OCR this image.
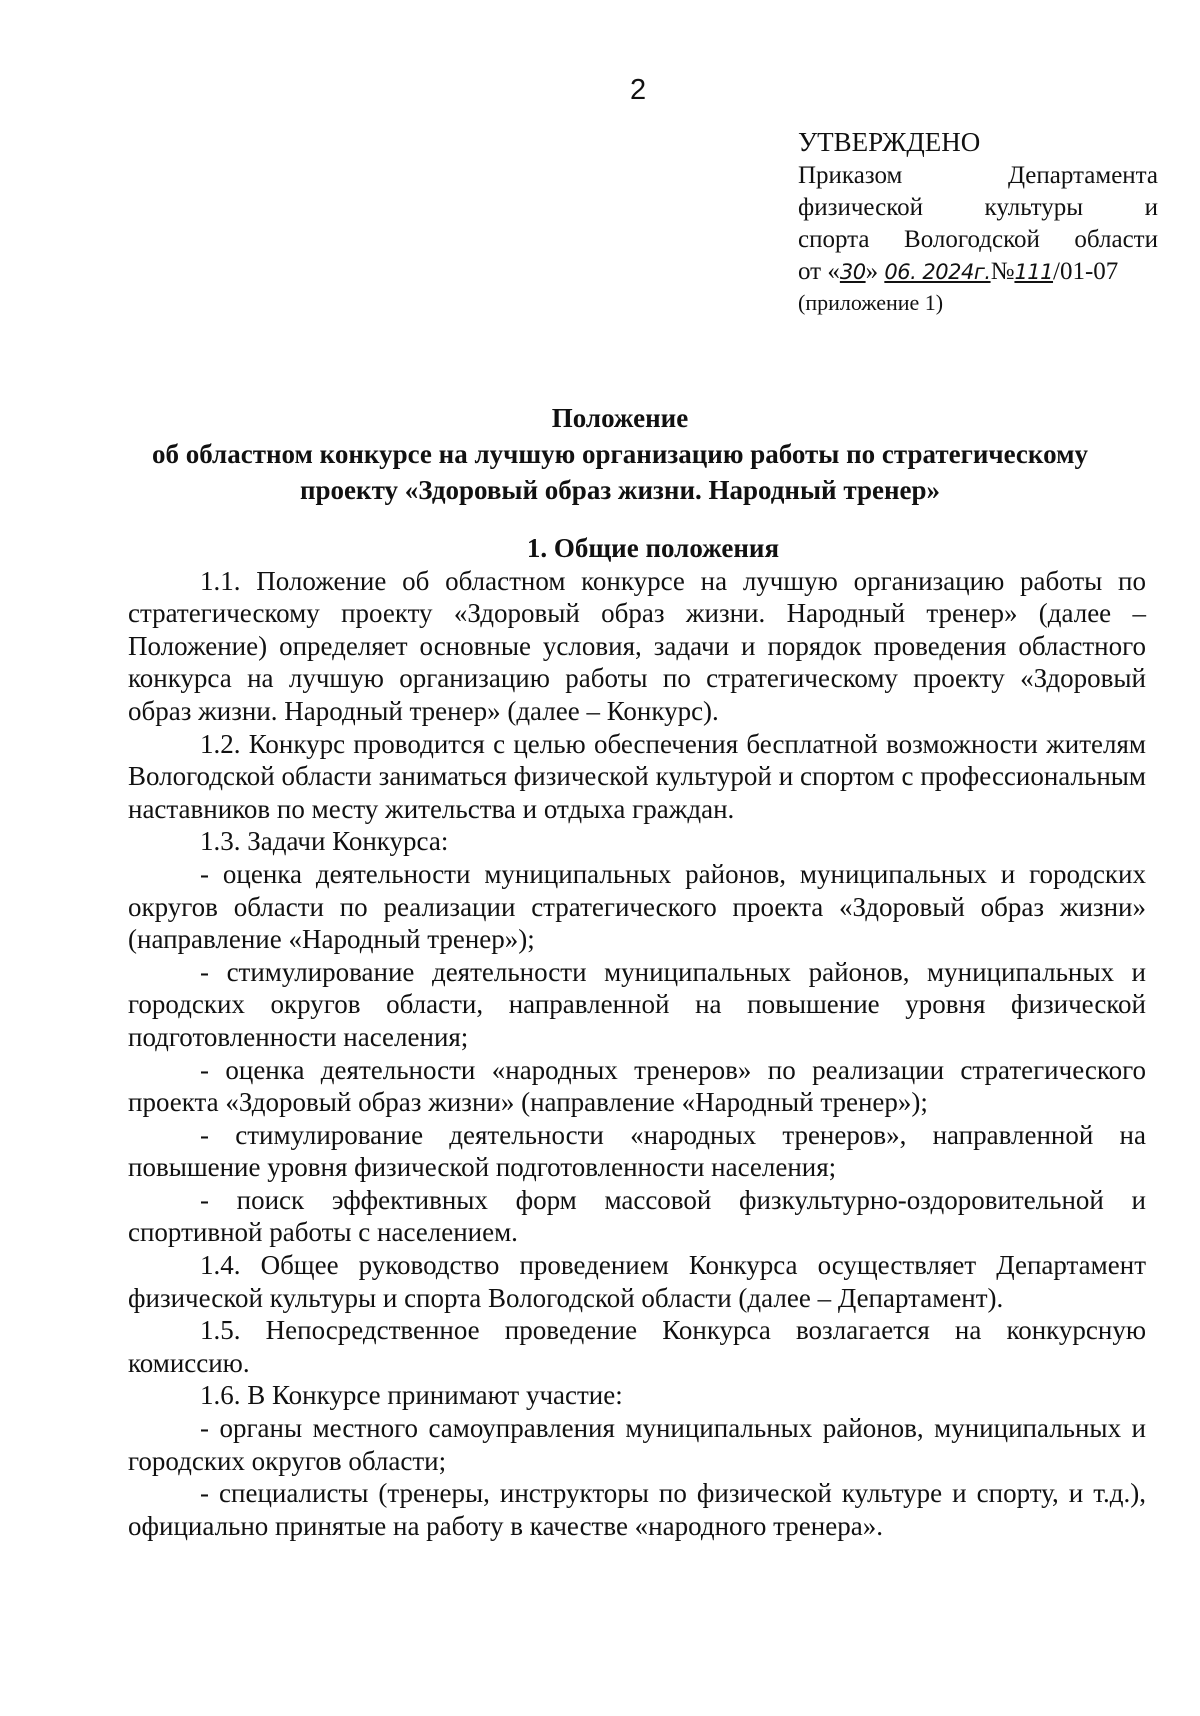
2
УТВЕРЖДЕНО
Приказом Департамента
физической культуры и
спорта Вологодской области
от «30» 06. 2024г.№111/01-07
(приложение 1)
Положение
об областном конкурсе на лучшую организацию работы по стратегическому
проекту «Здоровый образ жизни. Народный тренер»
1. Общие положения

1.1. Положение об областном конкурсе на лучшую организацию работы по стратегическому проекту «Здоровый образ жизни. Народный тренер» (далее – Положение) определяет основные условия, задачи и порядок проведения областного конкурса на лучшую организацию работы по стратегическому проекту «Здоровый образ жизни. Народный тренер» (далее – Конкурс).

1.2. Конкурс проводится с целью обеспечения бесплатной возможности жителям Вологодской области заниматься физической культурой и спортом с профессиональным наставников по месту жительства и отдыха граждан.

1.3. Задачи Конкурса:

- оценка деятельности муниципальных районов, муниципальных и городских округов области по реализации стратегического проекта «Здоровый образ жизни» (направление «Народный тренер»);

- стимулирование деятельности муниципальных районов, муниципальных и городских округов области, направленной на повышение уровня физической подготовленности населения;

- оценка деятельности «народных тренеров» по реализации стратегического проекта «Здоровый образ жизни» (направление «Народный тренер»);

- стимулирование деятельности «народных тренеров», направленной на повышение уровня физической подготовленности населения;

- поиск эффективных форм массовой физкультурно-оздоровительной и спортивной работы с населением.

1.4. Общее руководство проведением Конкурса осуществляет Департамент физической культуры и спорта Вологодской области (далее – Департамент).

1.5. Непосредственное проведение Конкурса возлагается на конкурсную комиссию.

1.6. В Конкурсе принимают участие:

- органы местного самоуправления муниципальных районов, муниципальных и городских округов области;

- специалисты (тренеры, инструкторы по физической культуре и спорту, и т.д.), официально принятые на работу в качестве «народного тренера».
